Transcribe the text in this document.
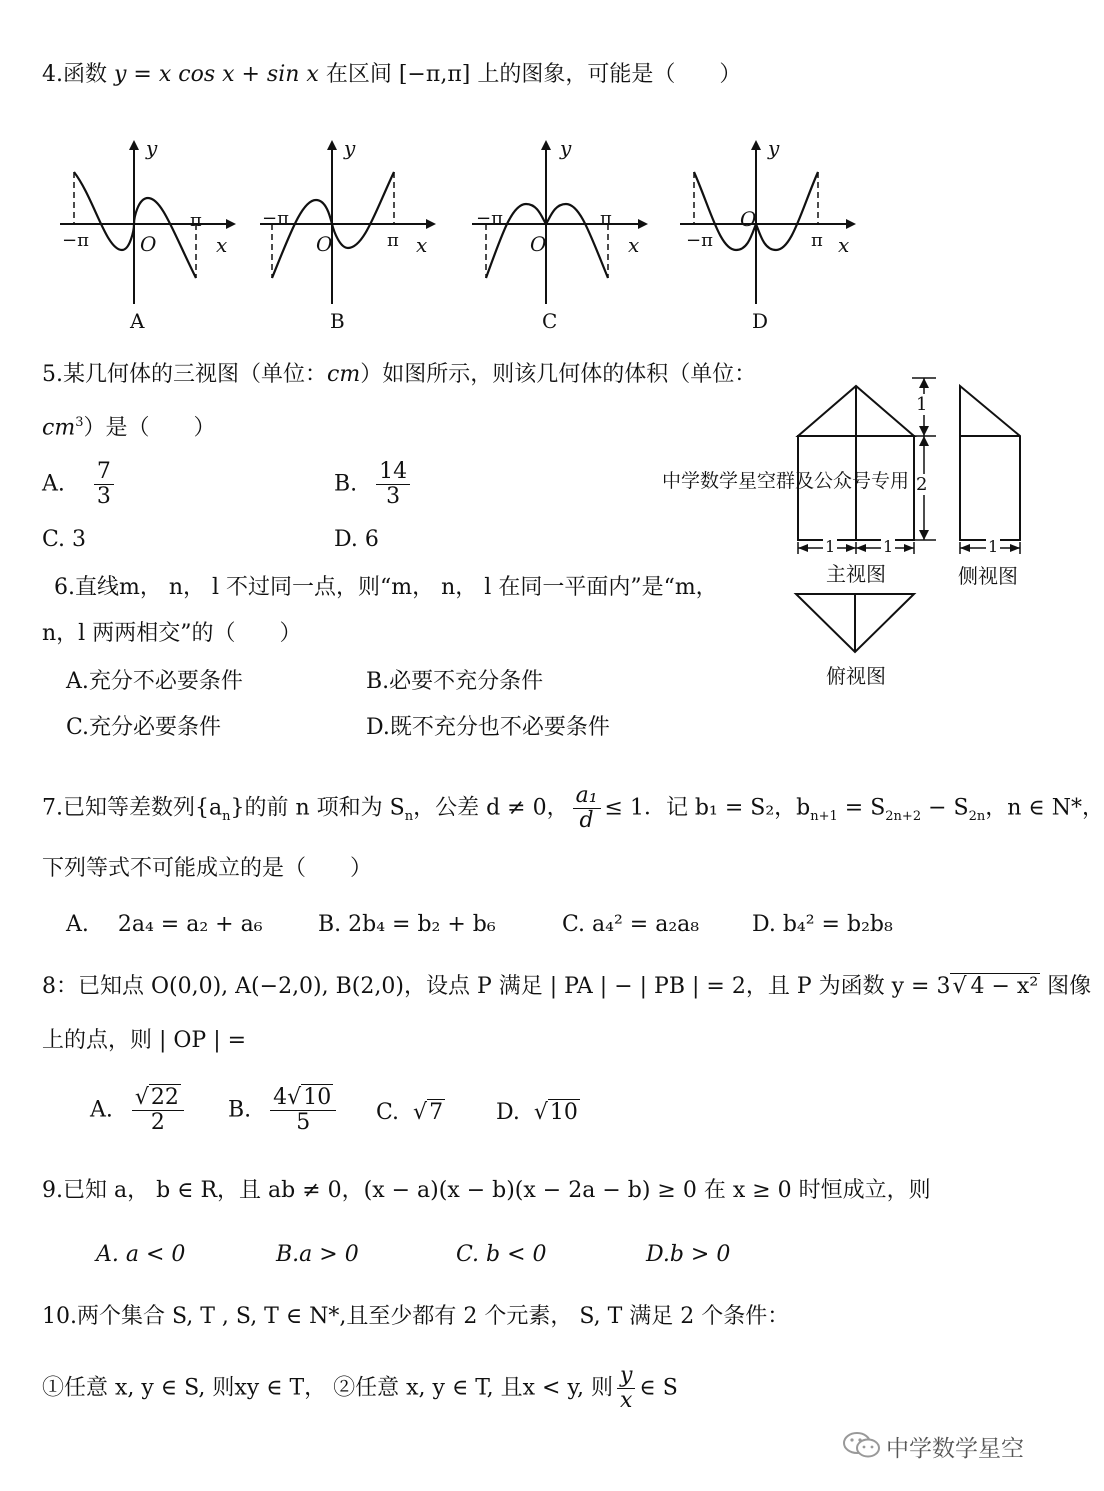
4.函数 y = x cos x + sin x 在区间 [−π,π] 上的图象，可能是（　　）
y
O
−π
π
x
A
y
O
−π
π x
B
y
O
−π	π
x
C
y
O
−π	π x
D
5.某几何体的三视图（单位：cm）如图所示，则该几何体的体积（单位：
$cm^3$）是（　　）
A. $\frac{7}{3}$	B. $\frac{14}{3}$
C. 3	D. 6
1
2
1	1	1
主视图	侧视图
俯视图
中学数学星空群及公众号专用
6.直线m， n， l 不过同一点，则“m， n， l 在同一平面内”是“m，
n，l 两两相交”的（　　）
A.充分不必要条件	B.必要不充分条件
C.充分必要条件	D.既不充分也不必要条件
7.已知等差数列$\{a_n\}$的前 n 项和为 $S_n$，公差 d ≠ 0， $\frac{\text{a₁}}{d} \le 1$．记 b₁ = S₂，$b_{n+1} = S_{2n+2} - S_{2n}$，n ∈ N*，
下列等式不可能成立的是（　　）
A.　 2a₄ = a₂ + a₆	B. 2b₄ = b₂ + b₆	C. a₄² = a₂a₈ D. b₄² = b₂b₈
8：已知点 O(0,0), A(−2,0), B(2,0)，设点 P 满足 | PA | − | PB | = 2，且 P 为函数 y = 3√ 4 − x² 图像
上的点，则 | OP | =
A. $\frac{√22}{2} B$. $\frac{4√10}{5} C$.  √7 D.  √10
9.已知 a， b ∈ R，且 ab ≠ 0，(x − a)(x − b)(x − 2a − b) ≥ 0 在 x ≥ 0 时恒成立，则
A. a < 0	B.a > 0	C. b < 0	D.b > 0
10.两个集合 S, T , S, T ∈ N*,且至少都有 2 个元素， S, T 满足 2 个条件：
①任意 x, y ∈ S, 则xy ∈ T， ②任意 x, y ∈ T, 且x < y, 则 $\frac{y}{x}$ ∈ S
中学数学星空
